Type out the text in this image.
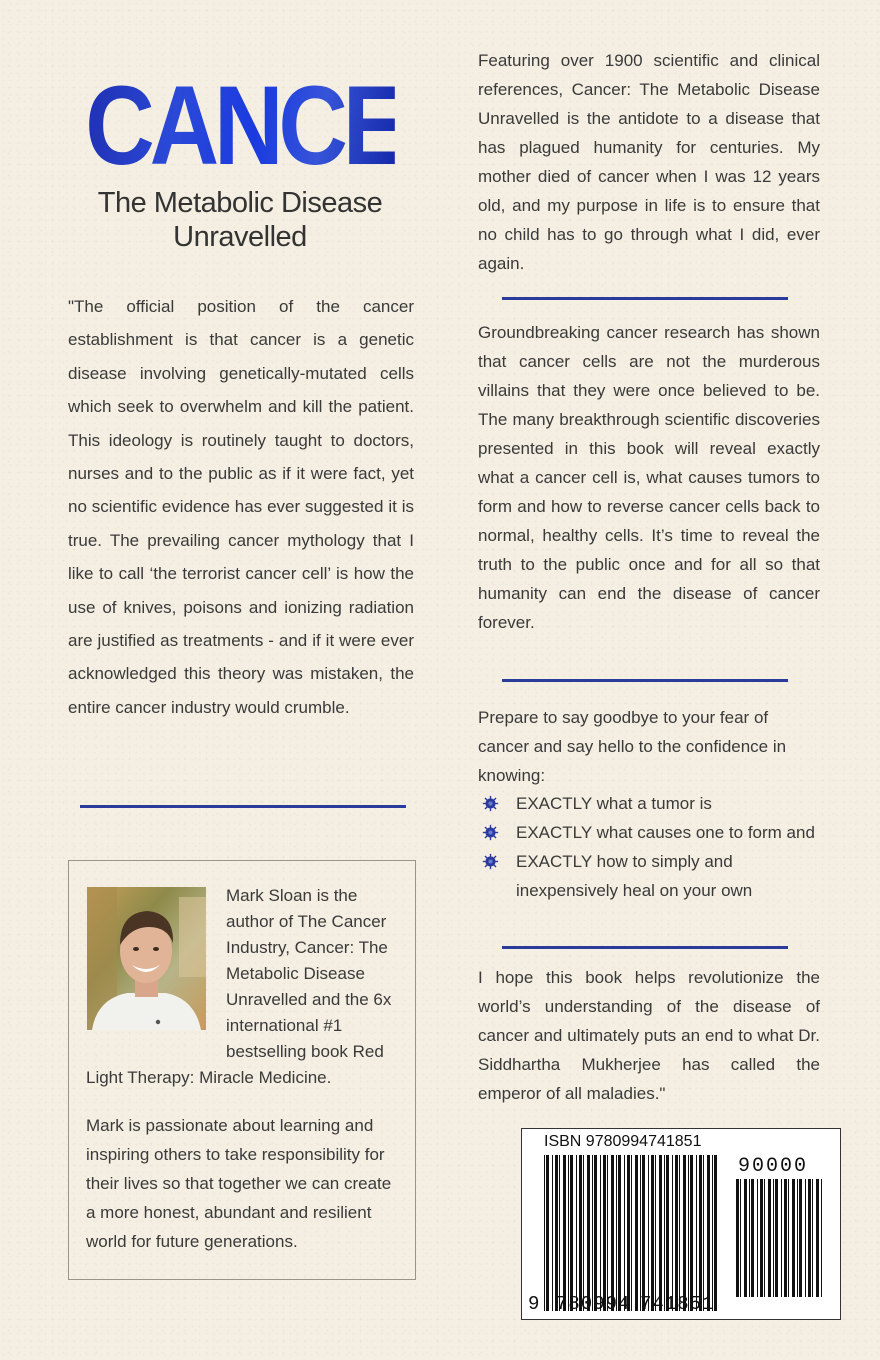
CANCER
The Metabolic Disease
Unravelled
"The official position of the cancer establishment is that cancer is a genetic disease involving genetically-mutated cells which seek to overwhelm and kill the patient. This ideology is routinely taught to doctors, nurses and to the public as if it were fact, yet no scientific evidence has ever suggested it is true. The prevailing cancer mythology that I like to call ‘the terrorist cancer cell’ is how the use of knives, poisons and ionizing radiation are justified as treatments - and if it were ever acknowledged this theory was mistaken, the entire cancer industry would crumble.
Mark Sloan is the author of The Cancer Industry, Cancer: The Metabolic Disease Unravelled and the 6x international #1 bestselling book Red Light Therapy: Miracle Medicine.
Mark is passionate about learning and inspiring others to take responsibility for their lives so that together we can create a more honest, abundant and resilient world for future generations.
Featuring over 1900 scientific and clinical references, Cancer: The Metabolic Disease Unravelled is the antidote to a disease that has plagued humanity for centuries. My mother died of cancer when I was 12 years old, and my purpose in life is to ensure that no child has to go through what I did, ever again.
Groundbreaking cancer research has shown that cancer cells are not the murderous villains that they were once believed to be. The many breakthrough scientific discoveries presented in this book will reveal exactly what a cancer cell is, what causes tumors to form and how to reverse cancer cells back to normal, healthy cells. It’s time to reveal the truth to the public once and for all so that humanity can end the disease of cancer forever.
Prepare to say goodbye to your fear of cancer and say hello to the confidence in knowing:
EXACTLY what a tumor is
EXACTLY what causes one to form and
EXACTLY how to simply and inexpensively heal on your own
I hope this book helps revolutionize the world’s understanding of the disease of cancer and ultimately puts an end to what Dr. Siddhartha Mukherjee has called the emperor of all maladies."
ISBN 9780994741851
90000
9 780994 741851
